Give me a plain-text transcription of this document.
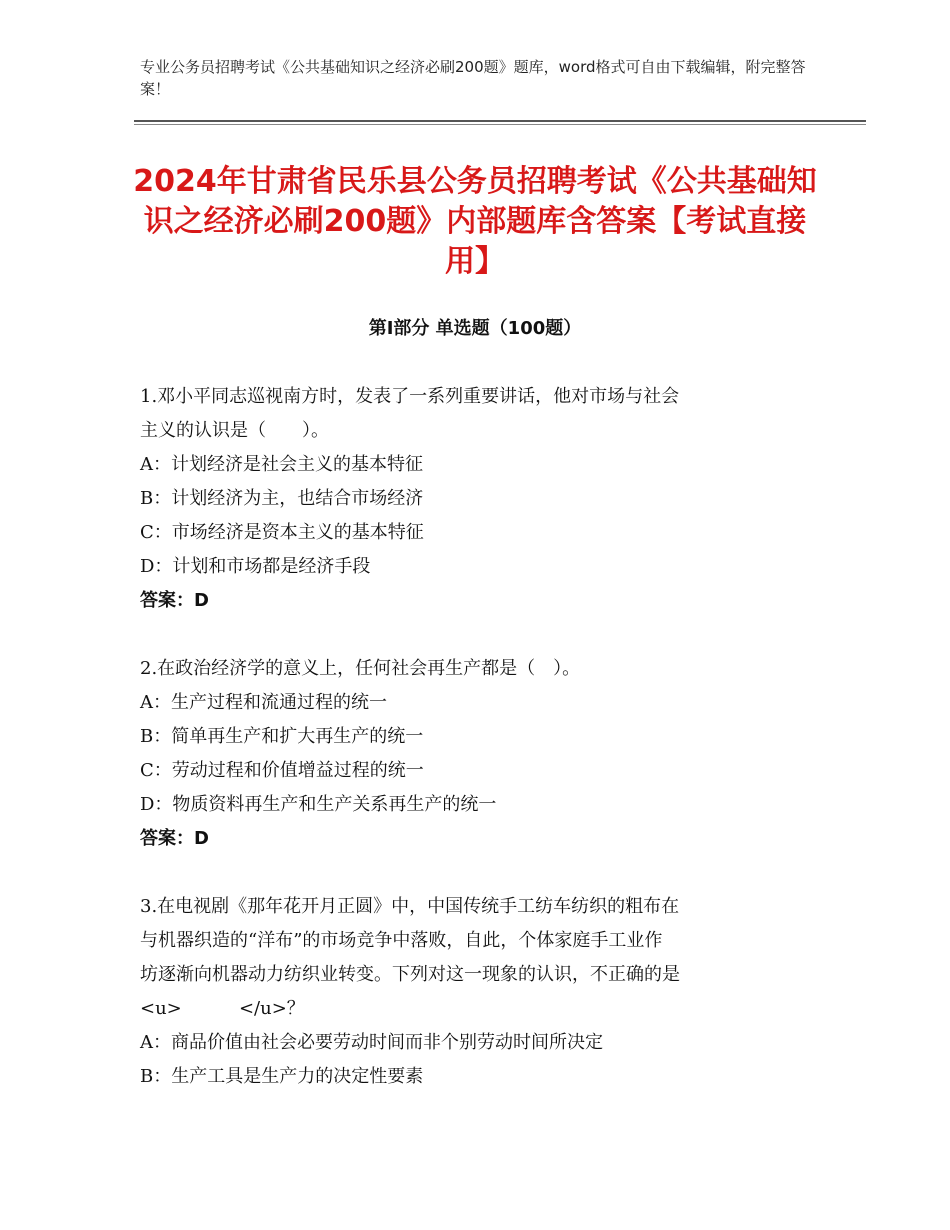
专业公务员招聘考试《公共基础知识之经济必刷200题》题库，word格式可自由下载编辑，附完整答案！
2024年甘肃省民乐县公务员招聘考试《公共基础知识之经济必刷200题》内部题库含答案【考试直接用】
第Ⅰ部分 单选题（100题）
1.邓小平同志巡视南方时，发表了一系列重要讲话，他对市场与社会
主义的认识是（　　）。
A：计划经济是社会主义的基本特征
B：计划经济为主，也结合市场经济
C：市场经济是资本主义的基本特征
D：计划和市场都是经济手段
答案：D
2.在政治经济学的意义上，任何社会再生产都是（　）。
A：生产过程和流通过程的统一
B：简单再生产和扩大再生产的统一
C：劳动过程和价值增益过程的统一
D：物质资料再生产和生产关系再生产的统一
答案：D
3.在电视剧《那年花开月正圆》中，中国传统手工纺车纺织的粗布在
与机器织造的“洋布”的市场竞争中落败，自此，个体家庭手工业作
坊逐渐向机器动力纺织业转变。下列对这一现象的认识，不正确的是
<u>          </u>？
A：商品价值由社会必要劳动时间而非个别劳动时间所决定
B：生产工具是生产力的决定性要素
